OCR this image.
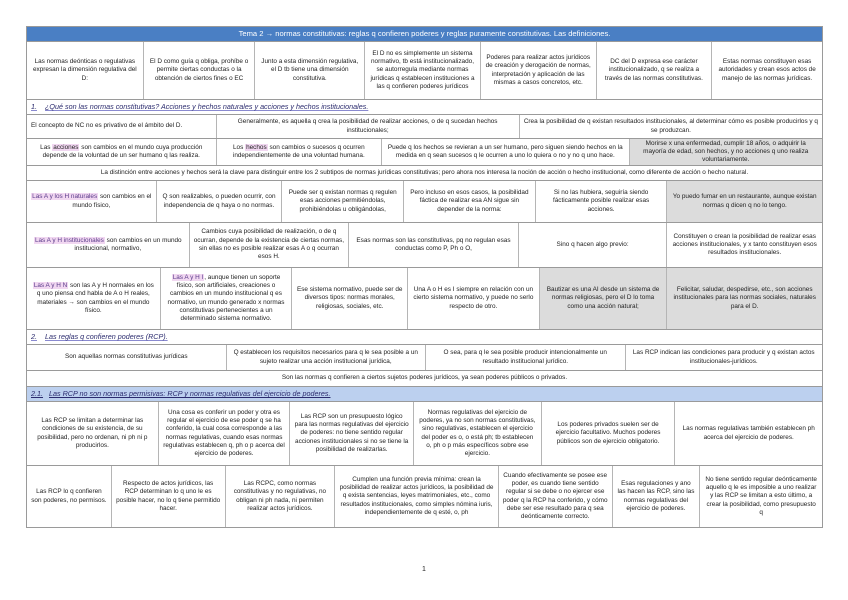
Tema 2 → normas constitutivas: reglas q confieren poderes y reglas puramente constitutivas. Las definiciones.
Las normas deónticas o regulativas expresan la dimensión regulativa del D:
El D como guía q obliga, prohíbe o permite ciertas conductas o la obtención de ciertos fines o EC
Junto a esta dimensión regulativa, el D tb tiene una dimensión constitutiva.
El D no es simplemente un sistema normativo, tb está institucionalizado, se autorregula mediante normas jurídicas q establecen instituciones a las q confieren poderes jurídicos
Poderes para realizar actos jurídicos de creación y derogación de normas, interpretación y aplicación de las mismas a casos concretos, etc.
DC del D expresa ese carácter institucionalizado, q se realiza a través de las normas constitutivas.
Estas normas constituyen esas autoridades y crean esos actos de manejo de las normas jurídicas.
1. ¿Qué son las normas constitutivas? Acciones y hechos naturales y acciones y hechos institucionales.
El concepto de NC no es privativo de el ámbito del D.
Generalmente, es aquella q crea la posibilidad de realizar acciones, o de q sucedan hechos institucionales;
Crea la posibilidad de q existan resultados institucionales, al determinar cómo es posible producirlos y q se produzcan.
Las acciones son cambios en el mundo cuya producción depende de la voluntad de un ser humano q las realiza.
Los hechos son cambios o sucesos q ocurren independientemente de una voluntad humana.
Puede q los hechos se revieran a un ser humano, pero siguen siendo hechos en la medida en q sean sucesos q le ocurren a uno lo quiera o no y no q uno hace.
Morirse x una enfermedad, cumplir 18 años, o adquirir la mayoría de edad, son hechos, y no acciones q uno realiza voluntariamente.
La distinción entre acciones y hechos será la clave para distinguir entre los 2 subtipos de normas jurídicas constitutivas; pero ahora nos interesa la noción de acción o hecho institucional, como diferente de acción o hecho natural.
Las A y los H naturales son cambios en el mundo físico,
Q son realizables, o pueden ocurrir, con independencia de q haya o no normas.
Puede ser q existan normas q regulen esas acciones permitiéndolas, prohibiéndolas u obligándolas,
Pero incluso en esos casos, la posibilidad fáctica de realizar esa AN sigue sin depender de la norma:
Si no las hubiera, seguiría siendo fácticamente posible realizar esas acciones.
Yo puedo fumar en un restaurante, aunque existan normas q dicen q no lo tengo.
Las A y H institucionales son cambios en un mundo institucional, normativo,
Cambios cuya posibilidad de realización, o de q ocurran, depende de la existencia de ciertas normas, sin ellas no es posible realizar esas A o q ocurran esos H.
Esas normas son las constitutivas, pq no regulan esas conductas como P, Ph o O,
Sino q hacen algo previo:
Constituyen o crean la posibilidad de realizar esas acciones institucionales, y x tanto constituyen esos resultados institucionales.
Las A y H N son las A y H normales en los q uno piensa cnd habla de A o H reales, materiales → son cambios en el mundo físico.
Las A y H I, aunque tienen un soporte físico, son artificiales, creaciones o cambios en un mundo institucional q es normativo, un mundo generado x normas constitutivas pertenecientes a un determinado sistema normativo.
Ese sistema normativo, puede ser de diversos tipos: normas morales, religiosas, sociales, etc.
Una A o H es I siempre en relación con un cierto sistema normativo, y puede no serlo respecto de otro.
Bautizar es una AI desde un sistema de normas religiosas, pero el D lo toma como una acción natural;
Felicitar, saludar, despedirse, etc., son acciones institucionales para las normas sociales, naturales para el D.
2. Las reglas q confieren poderes (RCP).
Son aquellas normas constitutivas jurídicas
Q establecen los requisitos necesarios para q le sea posible a un sujeto realizar una acción institucional jurídica,
O sea, para q le sea posible producir intencionalmente un resultado institucional jurídico.
Las RCP indican las condiciones para producir y q existan actos institucionales-jurídicos.
Son las normas q confieren a ciertos sujetos poderes jurídicos, ya sean poderes públicos o privados.
2.1. Las RCP no son normas permisivas: RCP y normas regulativas del ejercicio de poderes.
Las RCP se limitan a determinar las condiciones de su existencia, de su posibilidad, pero no ordenan, ni ph ni p producirlos.
Una cosa es conferir un poder y otra es regular el ejercicio de ese poder q se ha conferido, la cual cosa corresponde a las normas regulativas, cuando esas normas regulativas establecen q, ph o p acerca del ejercicio de poderes.
Las RCP son un presupuesto lógico para las normas regulativas del ejercicio de poderes: no tiene sentido regular acciones institucionales si no se tiene la posibilidad de realizarlas.
Normas regulativas del ejercicio de poderes, ya no son normas constitutivas, sino regulativas, establecen el ejercicio del poder es o, o está ph; tb establecen o, ph o p más específicos sobre ese ejercicio.
Los poderes privados suelen ser de ejercicio facultativo. Muchos poderes públicos son de ejercicio obligatorio.
Las normas regulativas también establecen ph acerca del ejercicio de poderes.
Las RCP lo q confieren son poderes, no permisos.
Respecto de actos jurídicos, las RCP determinan lo q uno le es posible hacer, no lo q tiene permitido hacer.
Las RCPC, como normas constitutivas y no regulativas, no obligan ni ph nada, ni permiten realizar actos jurídicos.
Cumplen una función previa mínima: crean la posibilidad de realizar actos jurídicos, la posibilidad de q exista sentencias, leyes matrimoniales, etc., como resultados institucionales, como simples nómina iuris, independientemente de q esté, o, ph
Cuando efectivamente se posee ese poder, es cuando tiene sentido regular si se debe o no ejercer ese poder q la RCP ha conferido, y cómo debe ser ese resultado para q sea deónticamente correcto.
Esas regulaciones y ano las hacen las RCP, sino las normas regulativas del ejercicio de poderes.
No tiene sentido regular deónticamente aquello q le es imposible a uno realizar y las RCP se limitan a esto último, a crear la posibilidad, como presupuesto q
1
